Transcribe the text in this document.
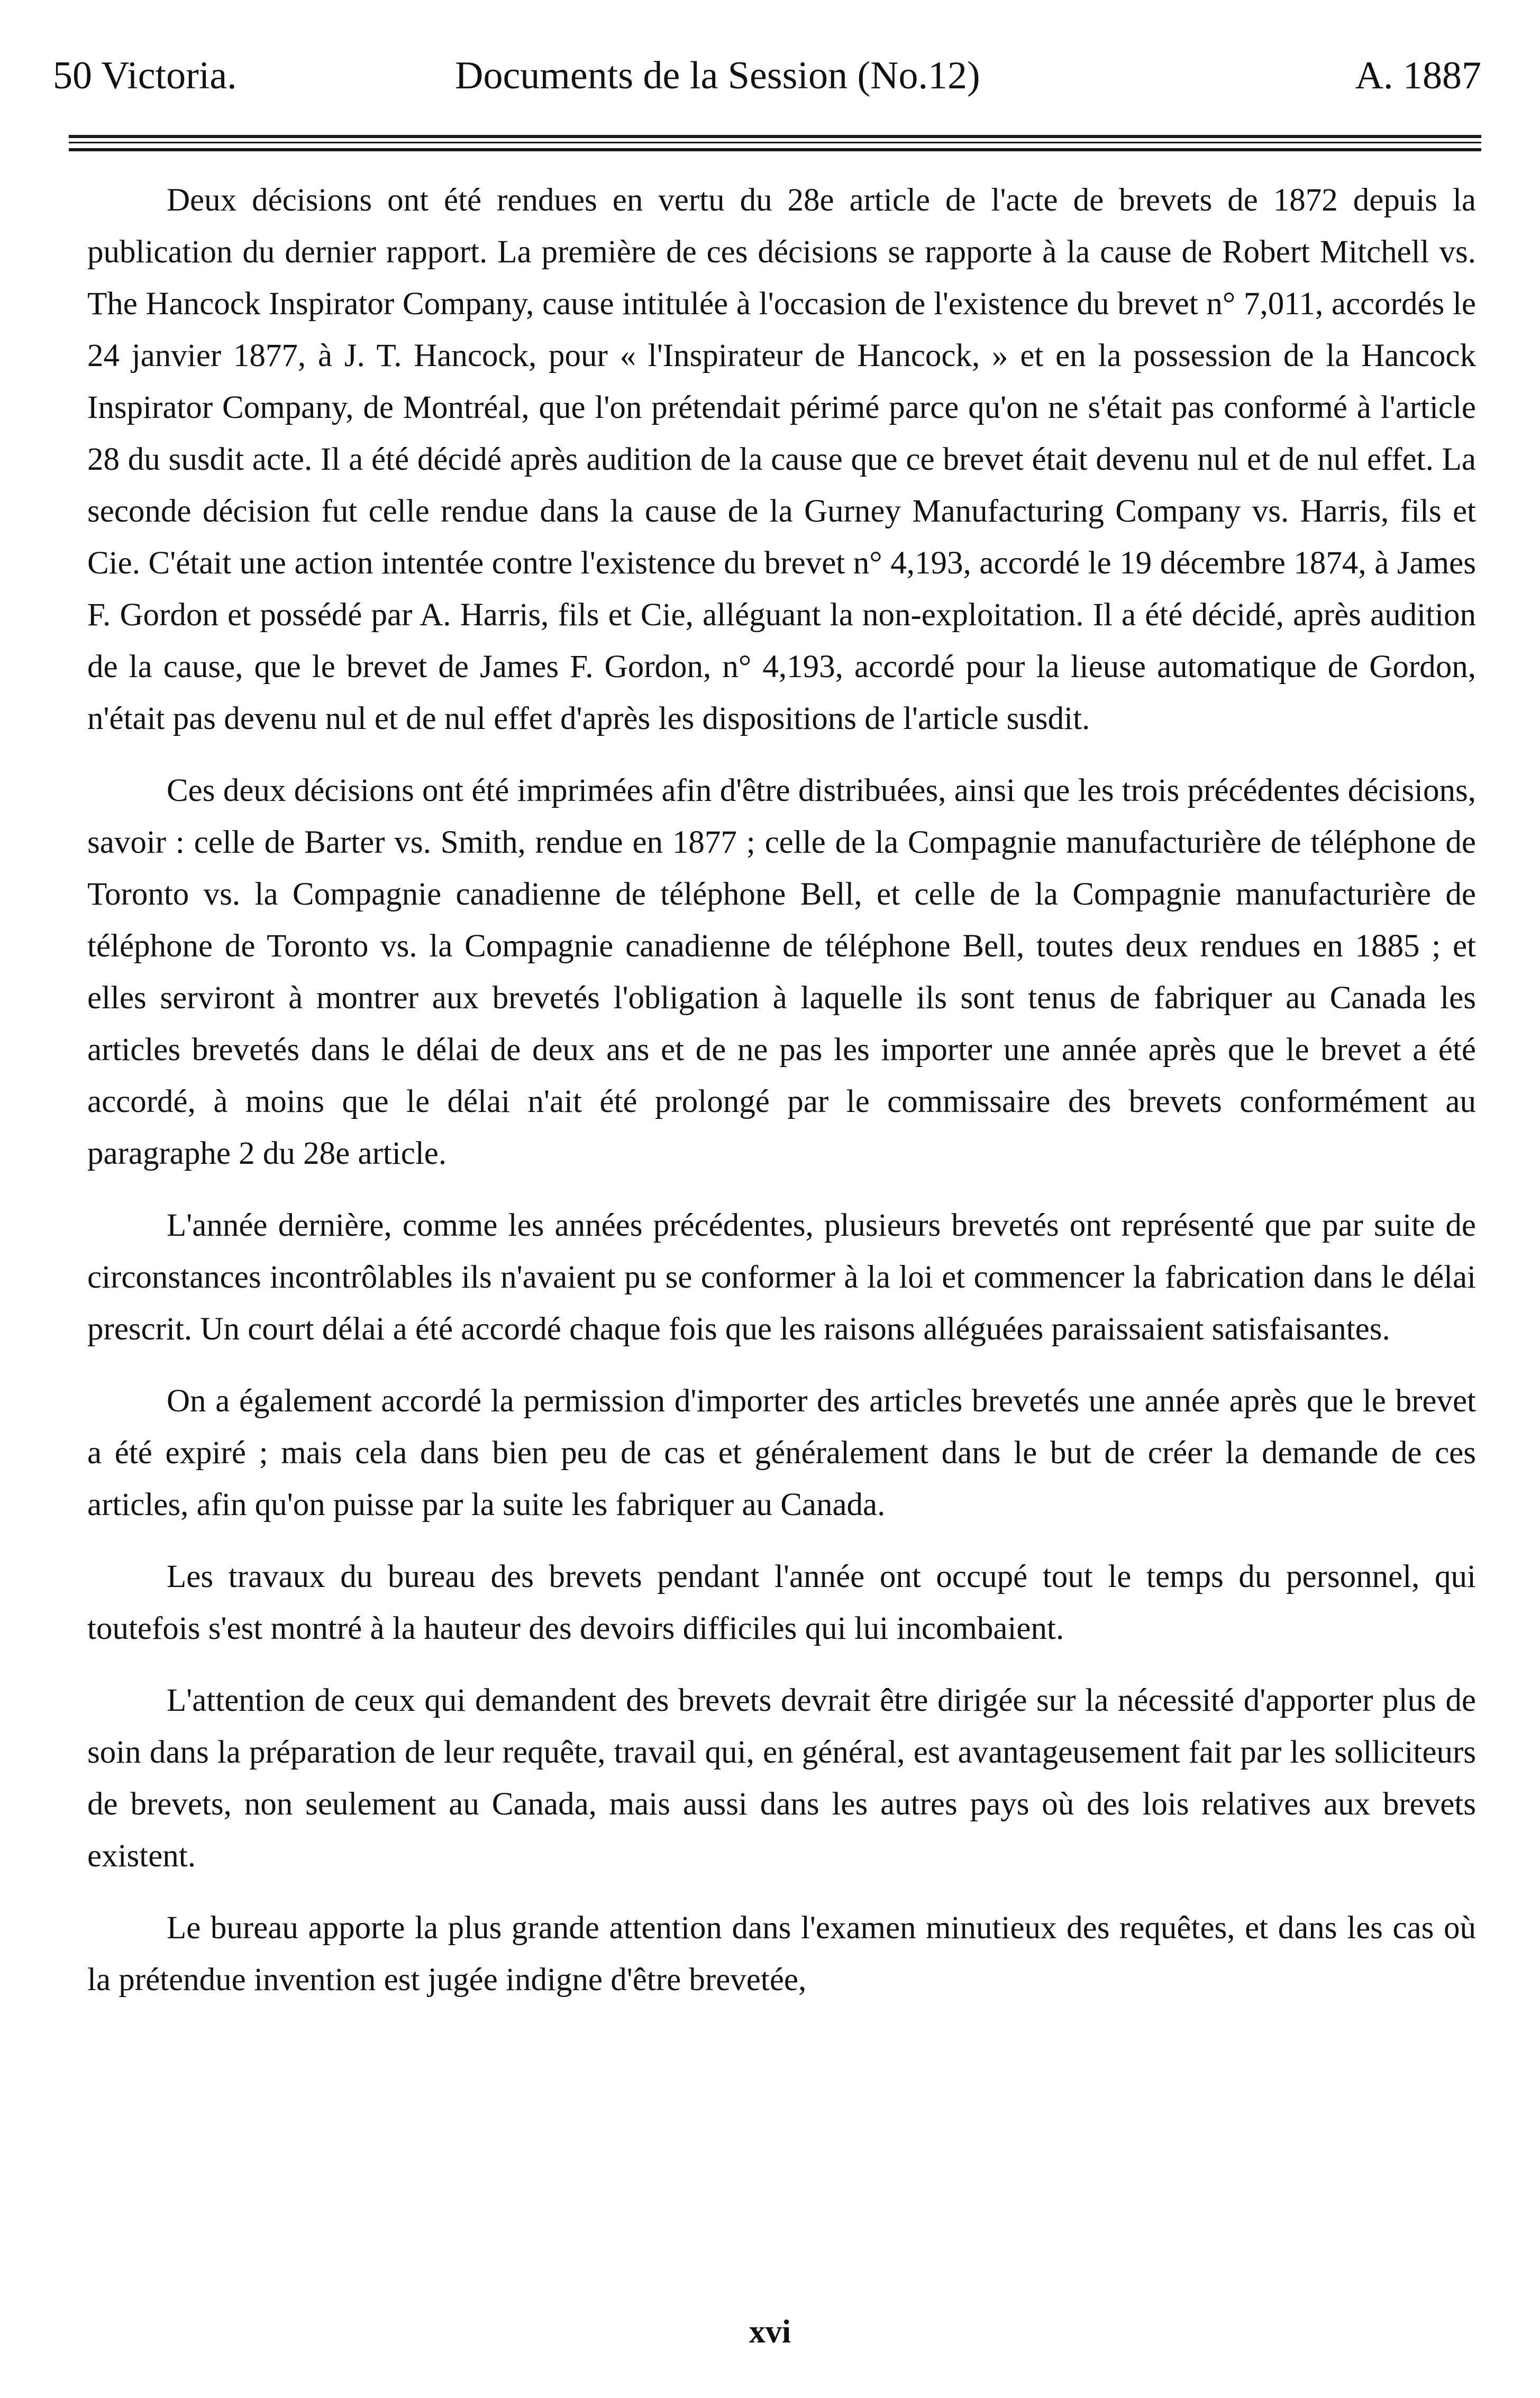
50 Victoria.	Documents de la Session (No.12)	A. 1887

Deux décisions ont été rendues en vertu du 28e article de l'acte de brevets de 1872 depuis la publication du dernier rapport. La première de ces décisions se rapporte à la cause de Robert Mitchell vs. The Hancock Inspirator Company, cause intitulée à l'occasion de l'existence du brevet n° 7,011, accordés le 24 janvier 1877, à J. T. Hancock, pour « l'Inspirateur de Hancock, » et en la possession de la Hancock Inspirator Company, de Montréal, que l'on prétendait périmé parce qu'on ne s'était pas conformé à l'article 28 du susdit acte. Il a été décidé après audition de la cause que ce brevet était devenu nul et de nul effet. La seconde décision fut celle rendue dans la cause de la Gurney Manufacturing Company vs. Harris, fils et Cie. C'était une action intentée contre l'existence du brevet n° 4,193, accordé le 19 décembre 1874, à James F. Gordon et possédé par A. Harris, fils et Cie, alléguant la non-exploitation. Il a été décidé, après audition de la cause, que le brevet de James F. Gordon, n° 4,193, accordé pour la lieuse automatique de Gordon, n'était pas devenu nul et de nul effet d'après les dispositions de l'article susdit.

Ces deux décisions ont été imprimées afin d'être distribuées, ainsi que les trois précédentes décisions, savoir : celle de Barter vs. Smith, rendue en 1877 ; celle de la Compagnie manufacturière de téléphone de Toronto vs. la Compagnie canadienne de téléphone Bell, et celle de la Compagnie manufacturière de téléphone de Toronto vs. la Compagnie canadienne de téléphone Bell, toutes deux rendues en 1885 ; et elles serviront à montrer aux brevetés l'obligation à laquelle ils sont tenus de fabriquer au Canada les articles brevetés dans le délai de deux ans et de ne pas les importer une année après que le brevet a été accordé, à moins que le délai n'ait été prolongé par le commissaire des brevets conformément au paragraphe 2 du 28e article.

L'année dernière, comme les années précédentes, plusieurs brevetés ont représenté que par suite de circonstances incontrôlables ils n'avaient pu se conformer à la loi et commencer la fabrication dans le délai prescrit. Un court délai a été accordé chaque fois que les raisons alléguées paraissaient satisfaisantes.

On a également accordé la permission d'importer des articles brevetés une année après que le brevet a été expiré ; mais cela dans bien peu de cas et généralement dans le but de créer la demande de ces articles, afin qu'on puisse par la suite les fabriquer au Canada.

Les travaux du bureau des brevets pendant l'année ont occupé tout le temps du personnel, qui toutefois s'est montré à la hauteur des devoirs difficiles qui lui incombaient.

L'attention de ceux qui demandent des brevets devrait être dirigée sur la nécessité d'apporter plus de soin dans la préparation de leur requête, travail qui, en général, est avantageusement fait par les solliciteurs de brevets, non seulement au Canada, mais aussi dans les autres pays où des lois relatives aux brevets existent.

Le bureau apporte la plus grande attention dans l'examen minutieux des requêtes, et dans les cas où la prétendue invention est jugée indigne d'être brevetée,

xvi
